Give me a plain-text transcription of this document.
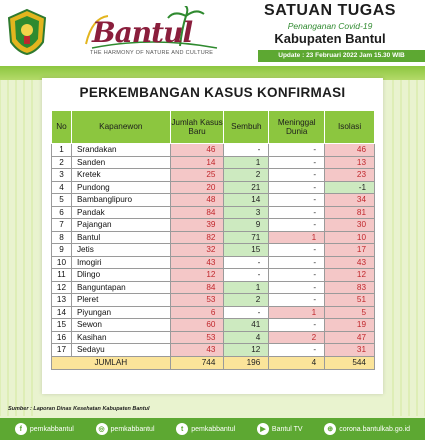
Bantul
THE HARMONY OF NATURE AND CULTURE
SATUAN TUGAS
Penanganan Covid-19
Kabupaten Bantul
Update : 23 Februari 2022 Jam 15.30 WIB
PERKEMBANGAN KASUS KONFIRMASI
No	Kapanewon	Jumlah Kasus Baru	Sembuh	Meninggal Dunia	Isolasi
1	Srandakan	46	-	-	46
2	Sanden	14	1	-	13
3	Kretek	25	2	-	23
4	Pundong	20	21	-	-1
5	Bambanglipuro	48	14	-	34
6	Pandak	84	3	-	81
7	Pajangan	39	9	-	30
8	Bantul	82	71	1	10
9	Jetis	32	15	-	17
10	Imogiri	43	-	-	43
11	Dlingo	12	-	-	12
12	Banguntapan	84	1	-	83
13	Pleret	53	2	-	51
14	Piyungan	6	-	1	5
15	Sewon	60	41	-	19
16	Kasihan	53	4	2	47
17	Sedayu	43	12	-	31
JUMLAH		744	196	4	544
Sumber : Laporan Dinas Kesehatan Kabupaten Bantul
f	pemkabbantul	◎ pemkabbantul	t	pemkabbantul	▶ Bantul TV	⊕ corona.bantulkab.go.id
